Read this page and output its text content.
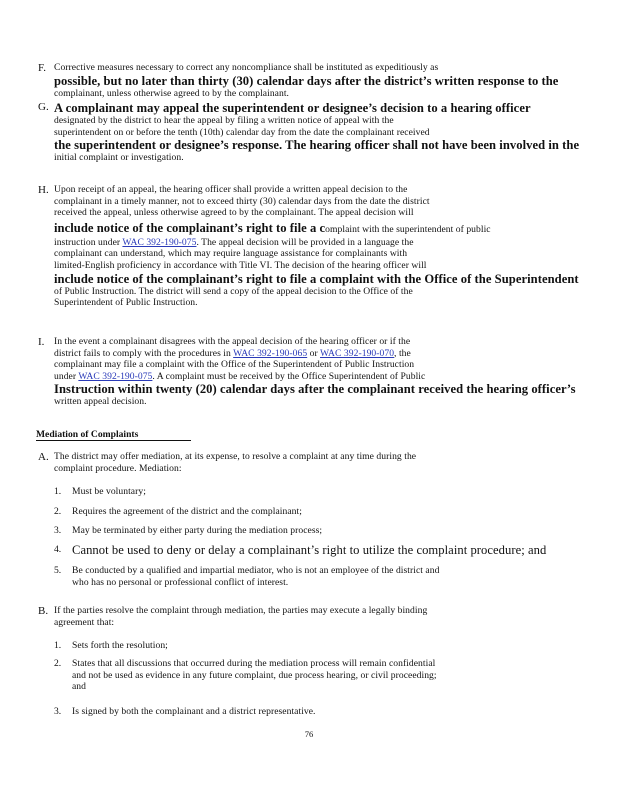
F. Corrective measures necessary to correct any noncompliance shall be instituted as expeditiously as
possible, but no later than thirty (30) calendar days after the district’s written response to the
complainant, unless otherwise agreed to by the complainant.
G. A complainant may appeal the superintendent or designee’s decision to a hearing officer
designated by the district to hear the appeal by filing a written notice of appeal with the
superintendent on or before the tenth (10th) calendar day from the date the complainant received
the superintendent or designee’s response. The hearing officer shall not have been involved in the
initial complaint or investigation.
H. Upon receipt of an appeal, the hearing officer shall provide a written appeal decision to the
complainant in a timely manner, not to exceed thirty (30) calendar days from the date the district
received the appeal, unless otherwise agreed to by the complainant. The appeal decision will
include notice of the complainant’s right to file a complaint with the superintendent of public
instruction under WAC 392-190-075. The appeal decision will be provided in a language the
complainant can understand, which may require language assistance for complainants with
limited-English proficiency in accordance with Title VI. The decision of the hearing officer will
include notice of the complainant’s right to file a complaint with the Office of the Superintendent
of Public Instruction. The district will send a copy of the appeal decision to the Office of the
Superintendent of Public Instruction.
I. In the event a complainant disagrees with the appeal decision of the hearing officer or if the
district fails to comply with the procedures in WAC 392-190-065 or WAC 392-190-070, the
complainant may file a complaint with the Office of the Superintendent of Public Instruction
under WAC 392-190-075. A complaint must be received by the Office Superintendent of Public
Instruction within twenty (20) calendar days after the complainant received the hearing officer’s
written appeal decision.
Mediation of Complaints
A. The district may offer mediation, at its expense, to resolve a complaint at any time during the
complaint procedure. Mediation:
1. Must be voluntary;
2. Requires the agreement of the district and the complainant;
3. May be terminated by either party during the mediation process;
4. Cannot be used to deny or delay a complainant’s right to utilize the complaint procedure; and
5. Be conducted by a qualified and impartial mediator, who is not an employee of the district and
who has no personal or professional conflict of interest.
B. If the parties resolve the complaint through mediation, the parties may execute a legally binding
agreement that:
1. Sets forth the resolution;
2. States that all discussions that occurred during the mediation process will remain confidential
and not be used as evidence in any future complaint, due process hearing, or civil proceeding;
and
3. Is signed by both the complainant and a district representative.
76
